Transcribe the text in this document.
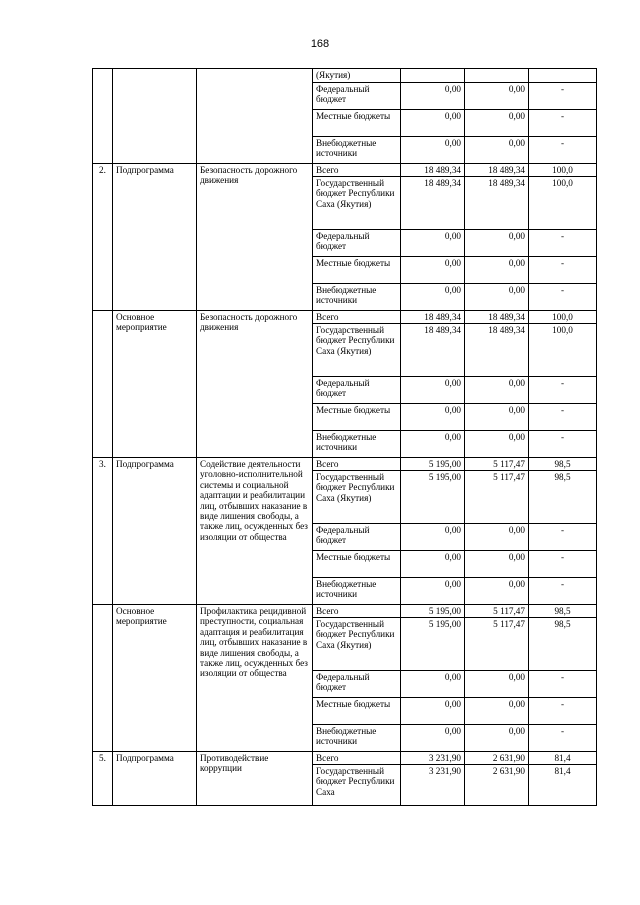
168
			(Якутия)			
			Федеральный бюджет	0,00	0,00	-
			Местные бюджеты	0,00	0,00	-
			Внебюджетные источники	0,00	0,00	-
2.	Подпрограмма	Безопасность дорожного движения	Всего	18 489,34	18 489,34	100,0
			Государственный бюджет Республики Саха (Якутия)	18 489,34	18 489,34	100,0
			Федеральный бюджет	0,00	0,00	-
			Местные бюджеты	0,00	0,00	-
			Внебюджетные источники	0,00	0,00	-
	Основное мероприятие	Безопасность дорожного движения	Всего	18 489,34	18 489,34	100,0
			Государственный бюджет Республики Саха (Якутия)	18 489,34	18 489,34	100,0
			Федеральный бюджет	0,00	0,00	-
			Местные бюджеты	0,00	0,00	-
			Внебюджетные источники	0,00	0,00	-
3.	Подпрограмма	Содействие деятельности уголовно-исполнительной системы и социальной адаптации и реабилитации лиц, отбывших наказание в виде лишения свободы, а также лиц, осужденных без изоляции от общества	Всего	5 195,00	5 117,47	98,5
			Государственный бюджет Республики Саха (Якутия)	5 195,00	5 117,47	98,5
			Федеральный бюджет	0,00	0,00	-
			Местные бюджеты	0,00	0,00	-
			Внебюджетные источники	0,00	0,00	-
	Основное мероприятие	Профилактика рецидивной преступности, социальная адаптация и реабилитация лиц, отбывших наказание в виде лишения свободы, а также лиц, осужденных без изоляции от общества	Всего	5 195,00	5 117,47	98,5
			Государственный бюджет Республики Саха (Якутия)	5 195,00	5 117,47	98,5
			Федеральный бюджет	0,00	0,00	-
			Местные бюджеты	0,00	0,00	-
			Внебюджетные источники	0,00	0,00	-
5.	Подпрограмма	Противодействие коррупции	Всего	3 231,90	2 631,90	81,4
			Государственный бюджет Республики Саха	3 231,90	2 631,90	81,4
